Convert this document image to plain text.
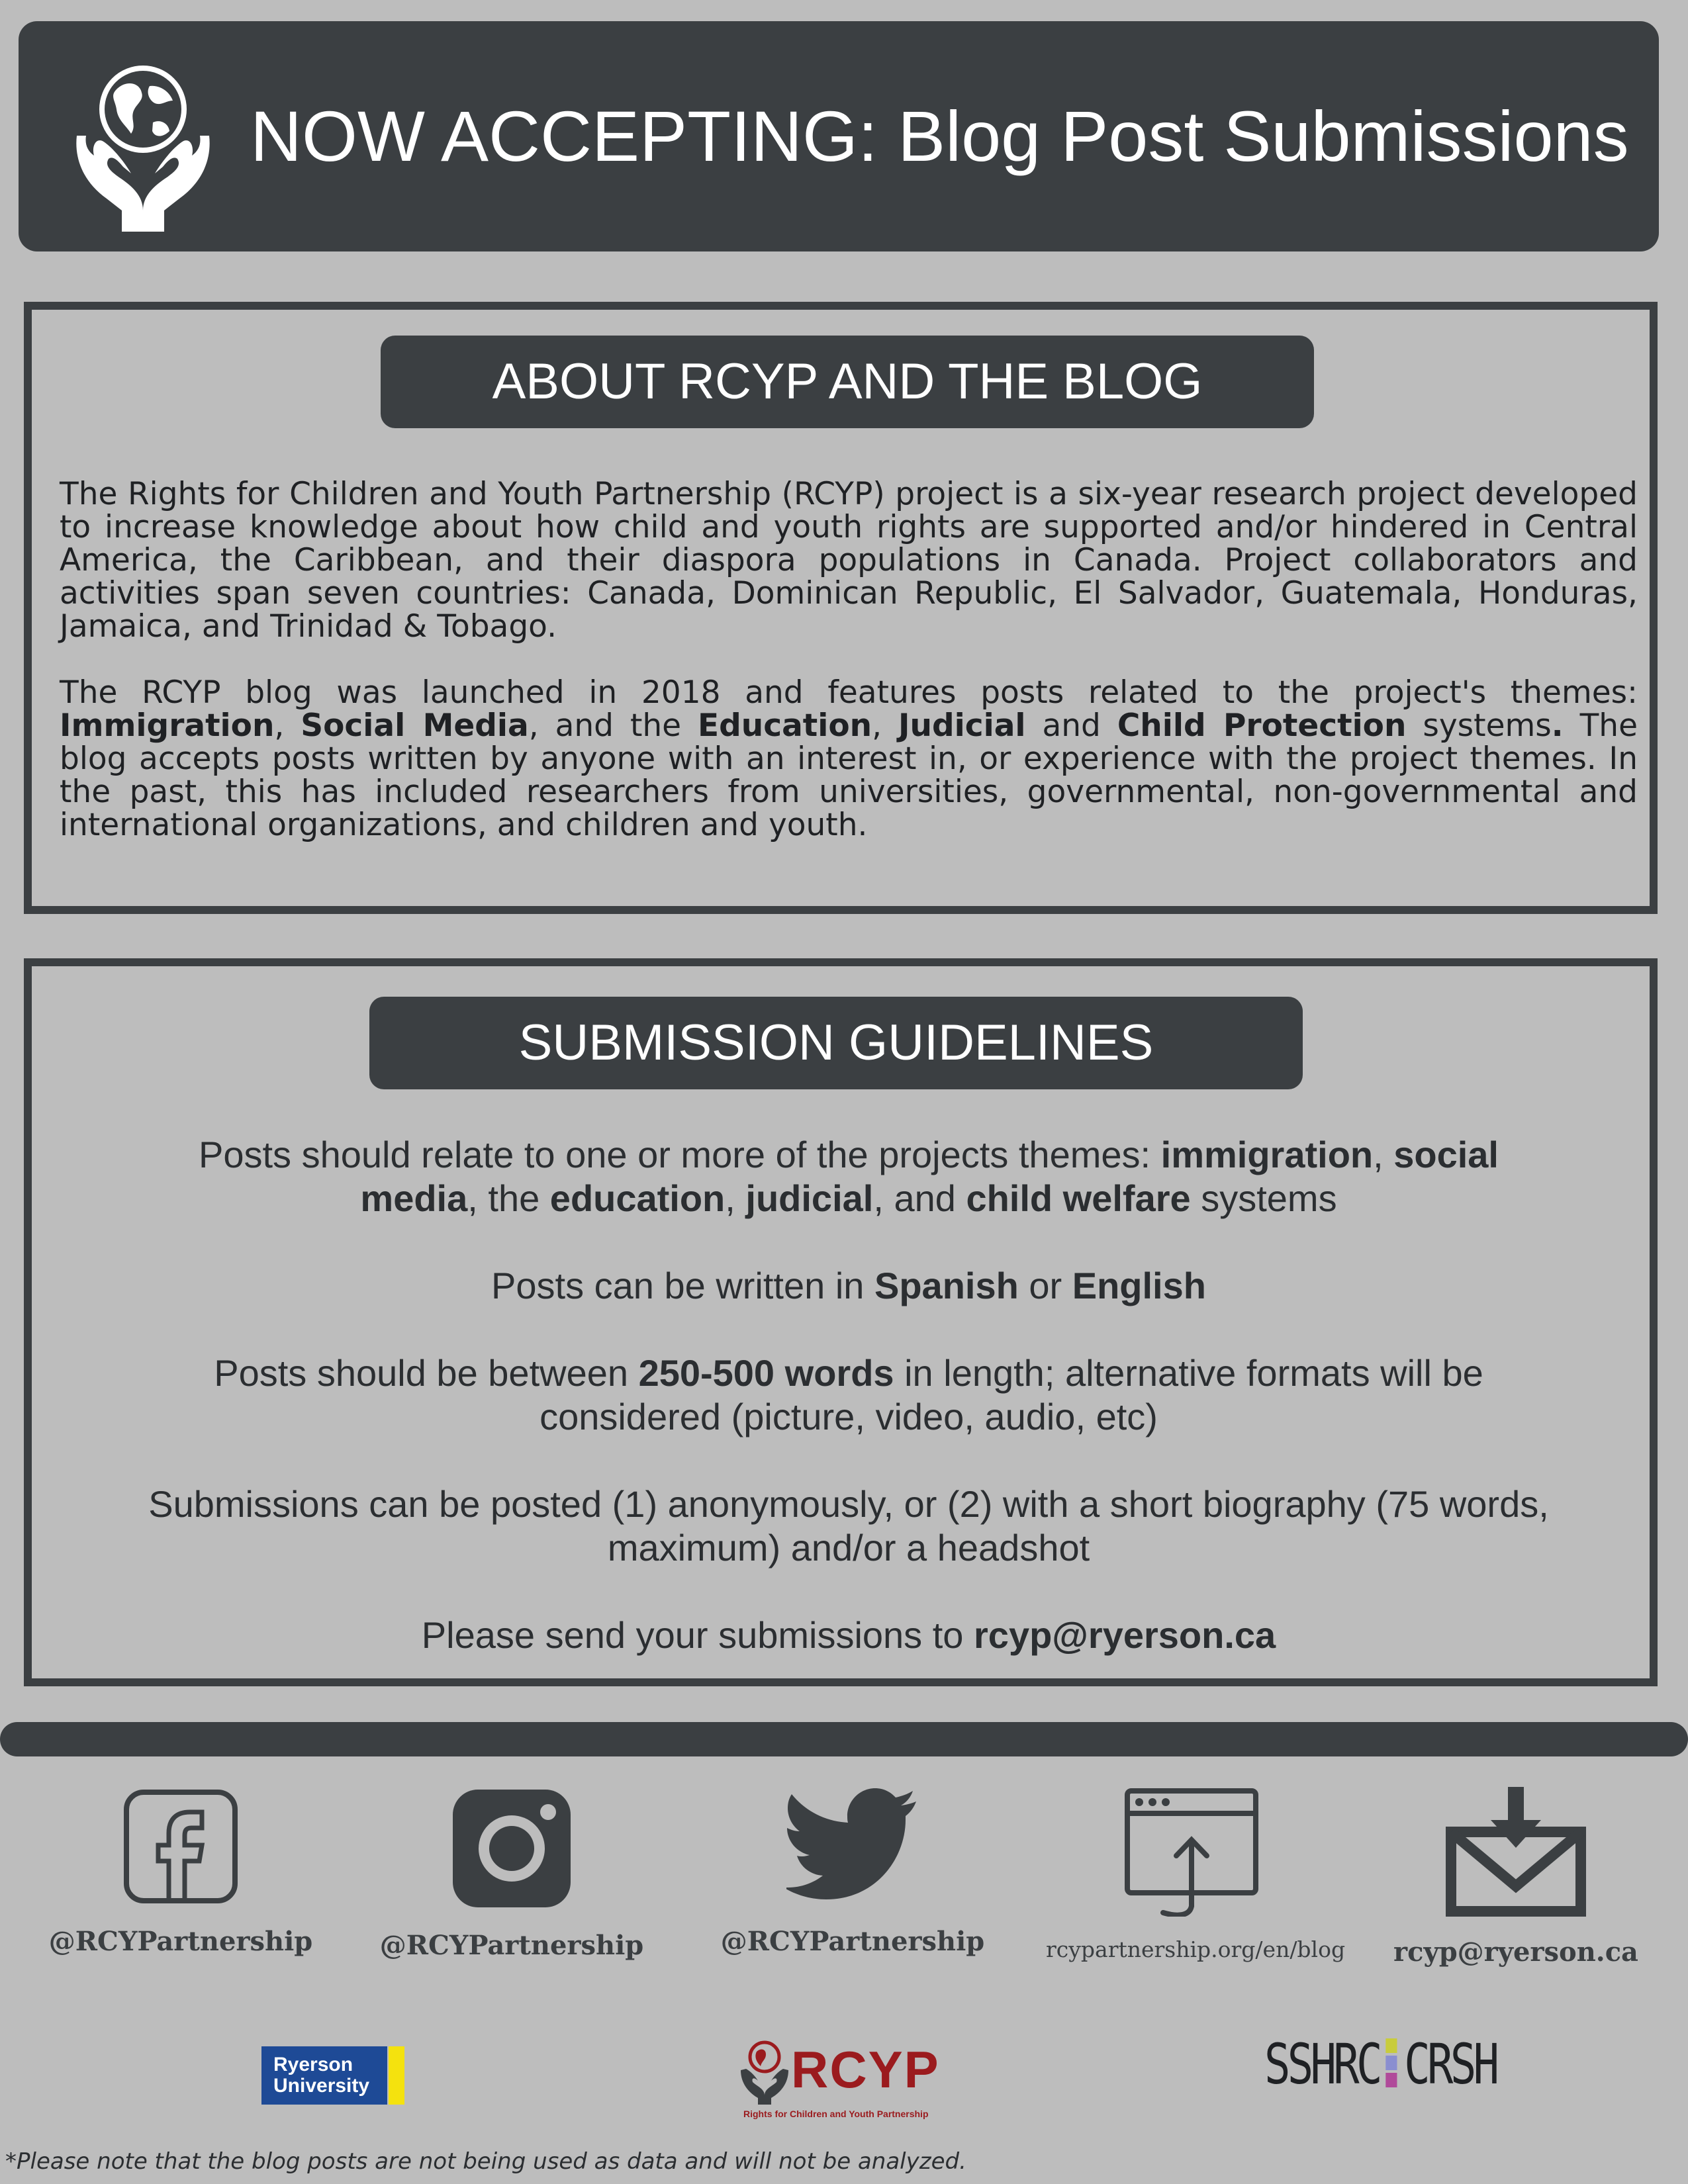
NOW ACCEPTING: Blog Post Submissions
ABOUT RCYP AND THE BLOG

The Rights for Children and Youth Partnership (RCYP) project is a six-year research project developed to increase knowledge about how child and youth rights are supported and/or hindered in Central America, the Caribbean, and their diaspora populations in Canada. Project collaborators and activities span seven countries: Canada, Dominican Republic, El Salvador, Guatemala, Honduras, Jamaica, and Trinidad & Tobago.

The RCYP blog was launched in 2018 and features posts related to the project's themes: Immigration, Social Media, and the Education, Judicial and Child Protection systems. The blog accepts posts written by anyone with an interest in, or experience with the project themes. In the past, this has included researchers from universities, governmental, non-governmental and international organizations, and children and youth.

SUBMISSION GUIDELINES

Posts should relate to one or more of the projects themes: immigration, social media, the education, judicial, and child welfare systems

Posts can be written in Spanish or English

Posts should be between 250-500 words in length; alternative formats will be considered (picture, video, audio, etc)

Submissions can be posted (1) anonymously, or (2) with a short biography (75 words, maximum) and/or a headshot

Please send your submissions to rcyp@ryerson.ca

@RCYPartnership	@RCYPartnership	@RCYPartnership	rcypartnership.org/en/blog	rcyp@ryerson.ca
Ryerson
University	RCYP
Rights for Children and Youth Partnership
SSHRC CRSH
*Please note that the blog posts are not being used as data and will not be analyzed.
